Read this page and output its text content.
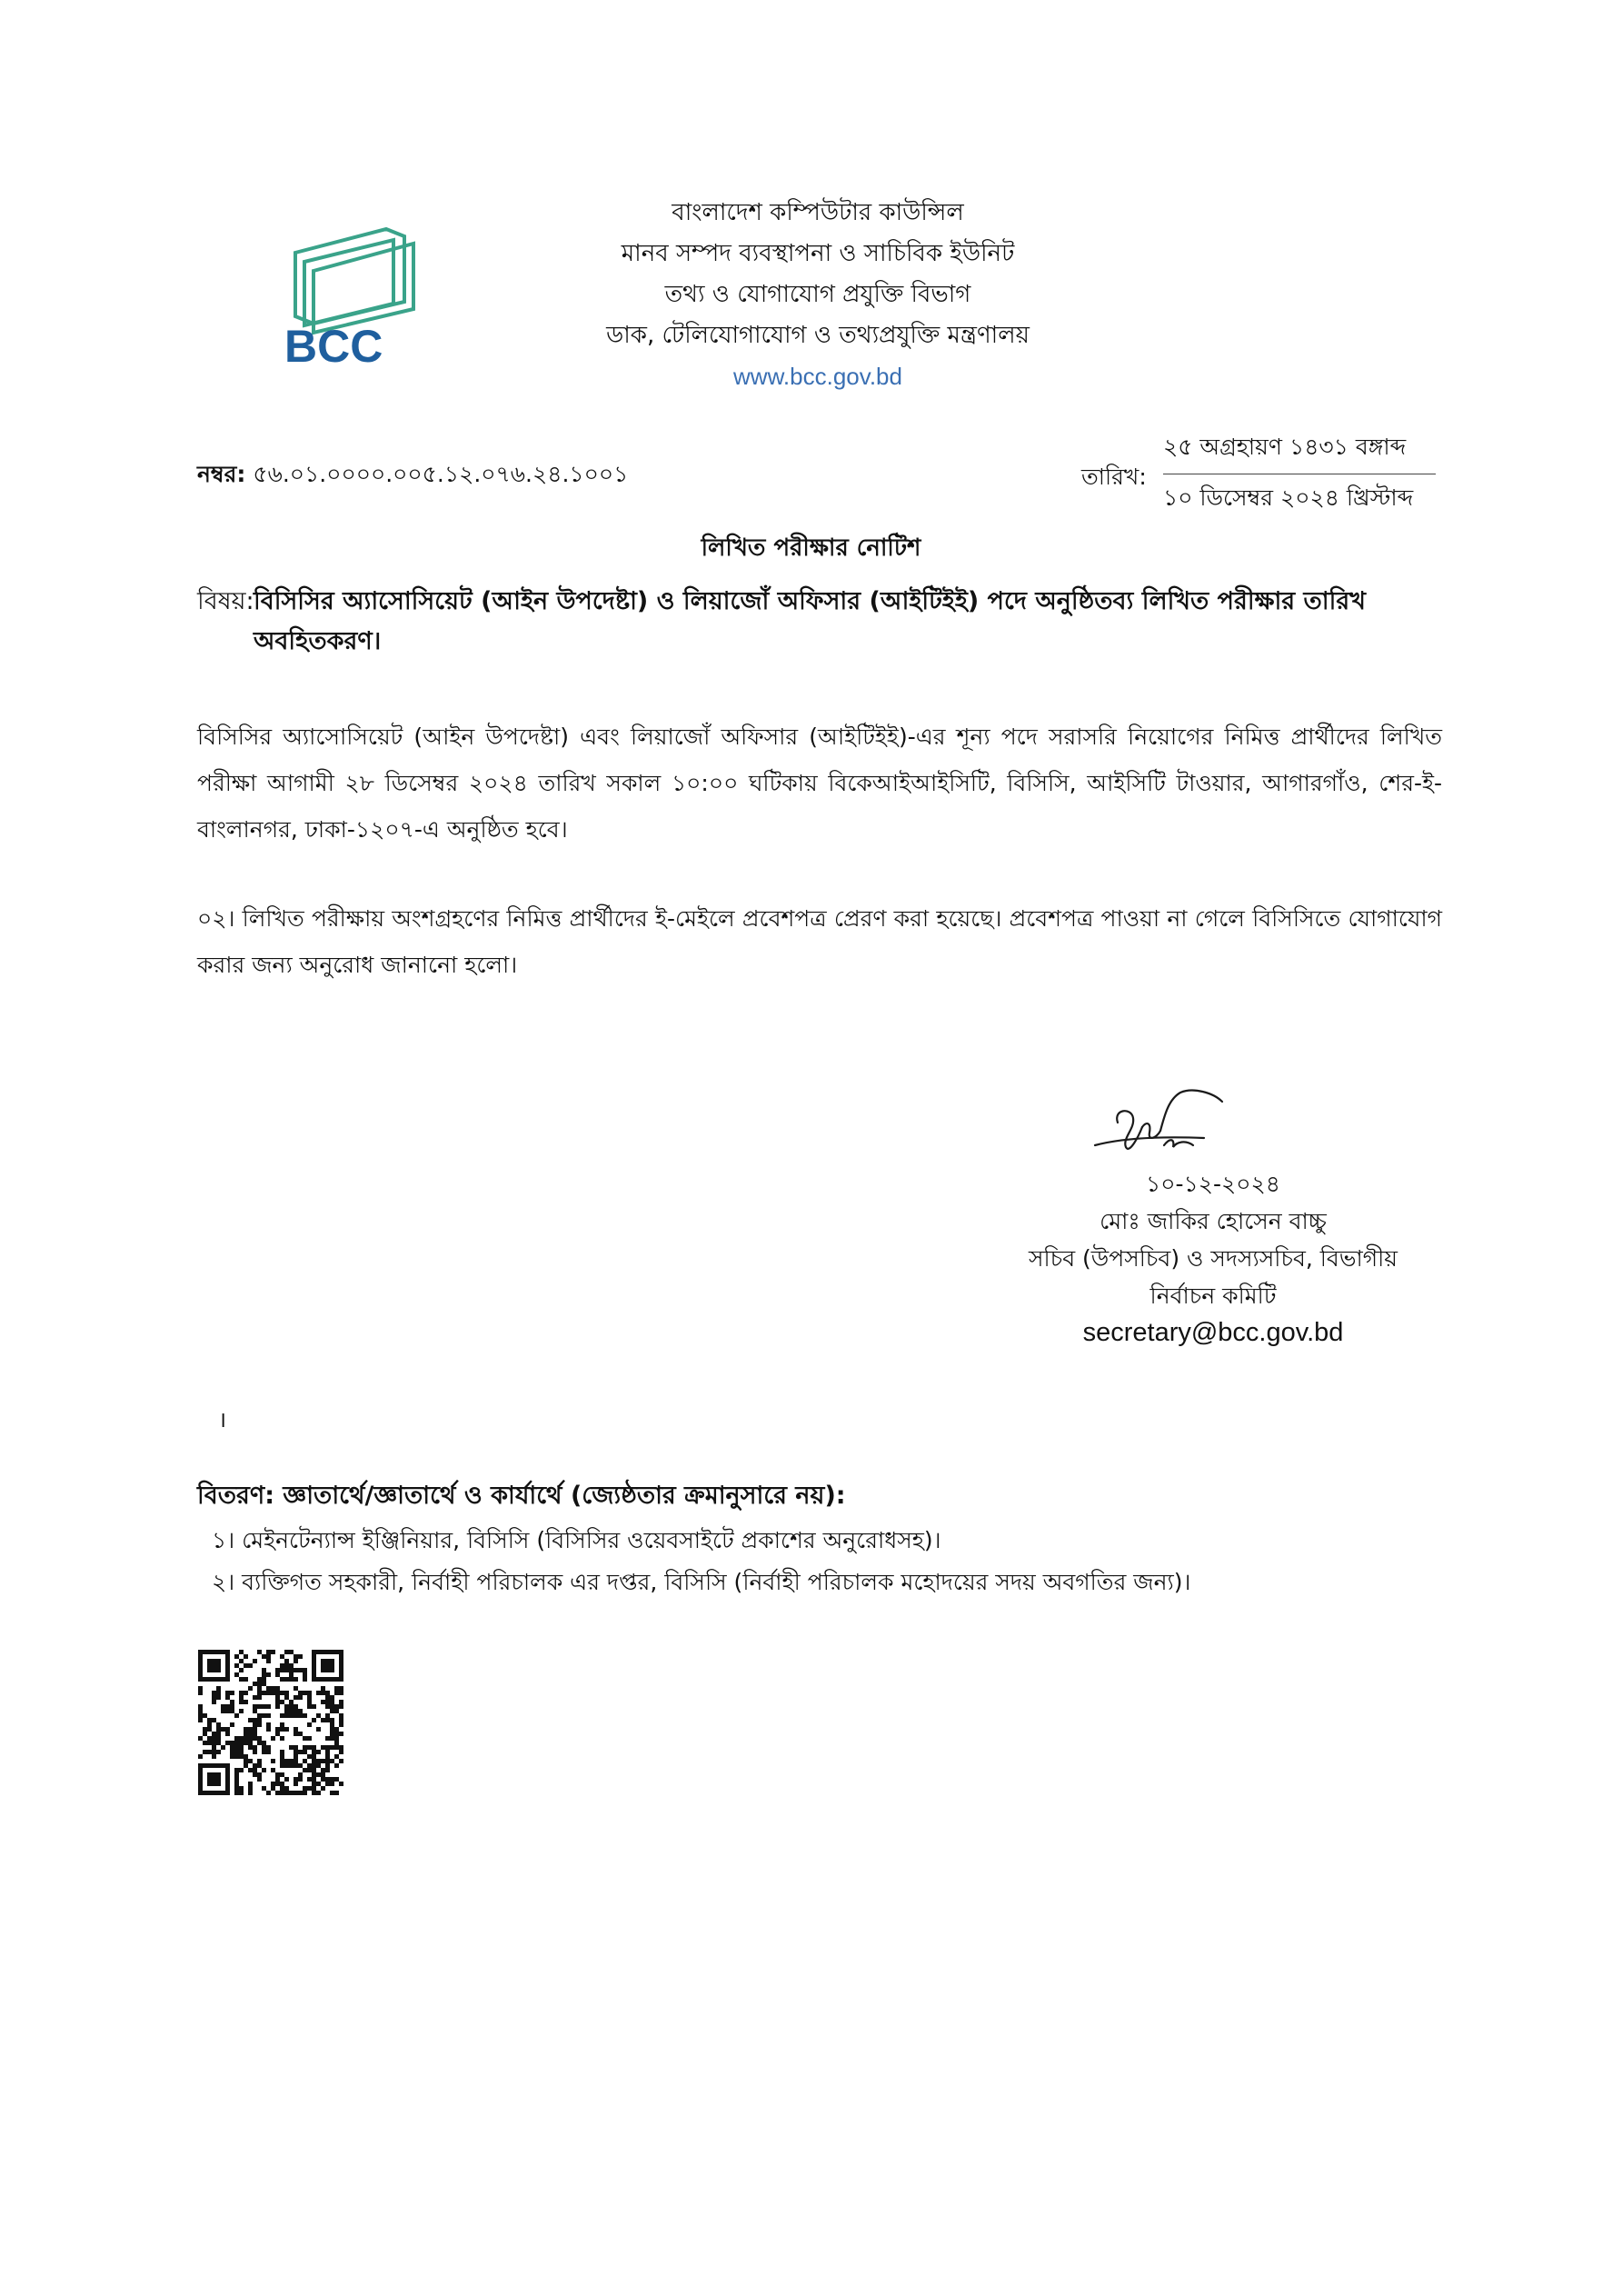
BCC
বাংলাদেশ কম্পিউটার কাউন্সিল
মানব সম্পদ ব্যবস্থাপনা ও সাচিবিক ইউনিট
তথ্য ও যোগাযোগ প্রযুক্তি বিভাগ
ডাক, টেলিযোগাযোগ ও তথ্যপ্রযুক্তি মন্ত্রণালয়
www.bcc.gov.bd
নম্বর: ৫৬.০১.০০০০.০০৫.১২.০৭৬.২৪.১০০১	তারিখ:
২৫ অগ্রহায়ণ ১৪৩১ বঙ্গাব্দ
১০ ডিসেম্বর ২০২৪ খ্রিস্টাব্দ
লিখিত পরীক্ষার নোটিশ
বিষয়: বিসিসির অ্যাসোসিয়েট (আইন উপদেষ্টা) ও লিয়াজোঁ অফিসার (আইটিইই) পদে অনুষ্ঠিতব্য লিখিত পরীক্ষার তারিখ অবহিতকরণ।
বিসিসির অ্যাসোসিয়েট (আইন উপদেষ্টা) এবং লিয়াজোঁ অফিসার (আইটিইই)-এর শূন্য পদে সরাসরি নিয়োগের নিমিত্ত প্রার্থীদের লিখিত পরীক্ষা আগামী ২৮ ডিসেম্বর ২০২৪ তারিখ সকাল ১০:০০ ঘটিকায় বিকেআইআইসিটি, বিসিসি, আইসিটি টাওয়ার, আগারগাঁও, শের-ই-বাংলানগর, ঢাকা-১২০৭-এ অনুষ্ঠিত হবে।
০২। লিখিত পরীক্ষায় অংশগ্রহণের নিমিত্ত প্রার্থীদের ই-মেইলে প্রবেশপত্র প্রেরণ করা হয়েছে। প্রবেশপত্র পাওয়া না গেলে বিসিসিতে যোগাযোগ করার জন্য অনুরোধ জানানো হলো।
১০-১২-২০২৪
মোঃ জাকির হোসেন বাচ্চু
সচিব (উপসচিব) ও সদস্যসচিব, বিভাগীয়
নির্বাচন কমিটি
secretary@bcc.gov.bd
।
বিতরণ: জ্ঞাতার্থে/জ্ঞাতার্থে ও কার্যার্থে (জ্যেষ্ঠতার ক্রমানুসারে নয়):
১। মেইনটেন্যান্স ইঞ্জিনিয়ার, বিসিসি (বিসিসির ওয়েবসাইটে প্রকাশের অনুরোধসহ)।
২। ব্যক্তিগত সহকারী, নির্বাহী পরিচালক এর দপ্তর, বিসিসি (নির্বাহী পরিচালক মহোদয়ের সদয় অবগতির জন্য)।
